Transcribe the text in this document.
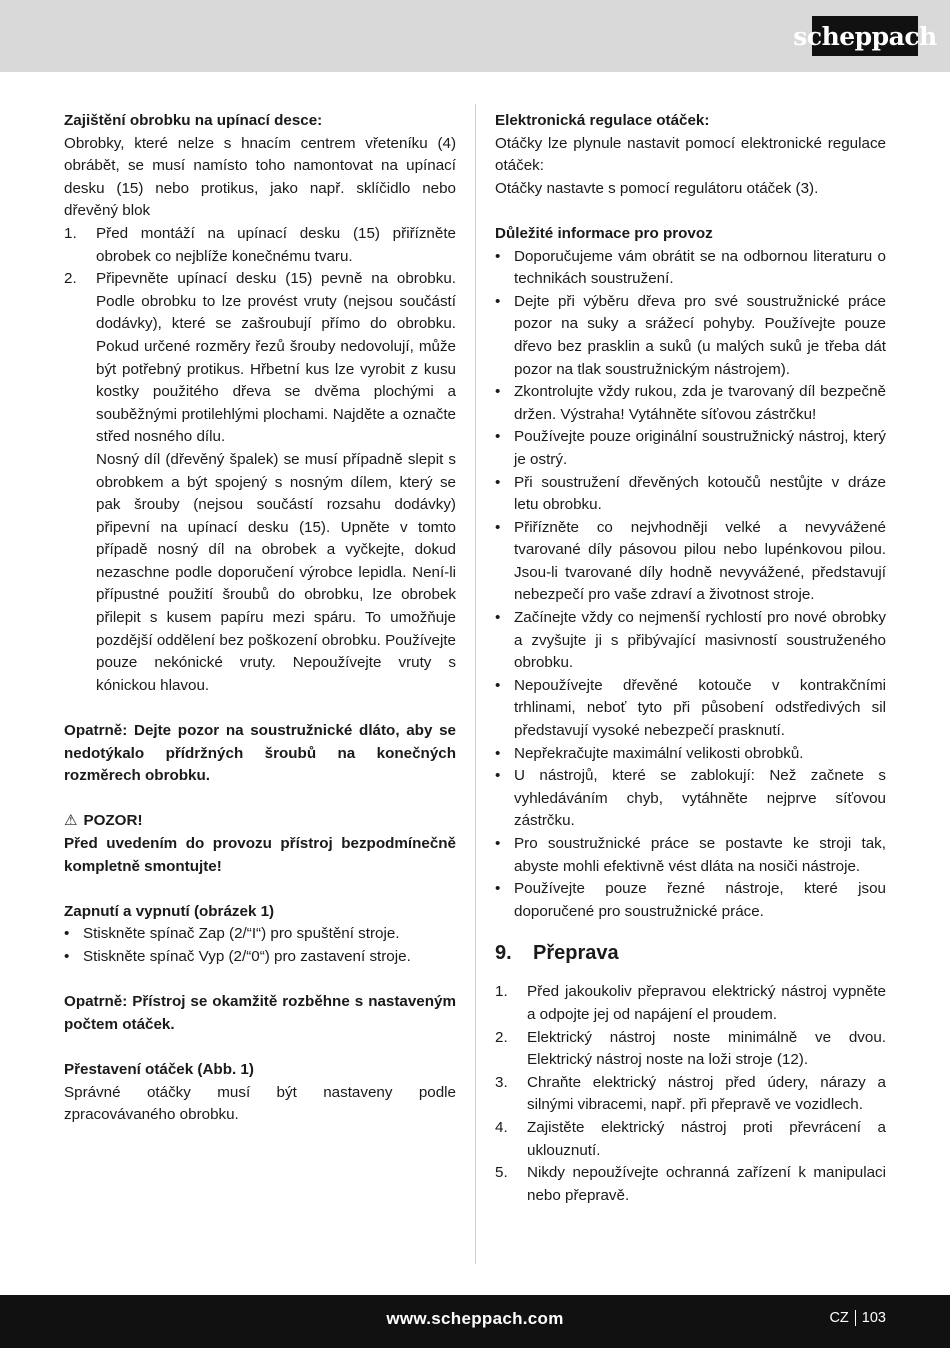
scheppach

Zajištění obrobku na upínací desce:

Obrobky, které nelze s hnacím centrem vřeteníku (4) obrábět, se musí namísto toho namontovat na upínací desku (15) nebo protikus, jako např. sklíčidlo nebo dřevěný blok

1.	Před montáží na upínací desku (15) přiřízněte obrobek co nejblíže konečnému tvaru.
2.	Připevněte upínací desku (15) pevně na obrobku. Podle obrobku to lze provést vruty (nejsou součástí dodávky), které se zašroubují přímo do obrobku. Pokud určené rozměry řezů šrouby nedovolují, může být potřebný protikus. Hřbetní kus lze vyrobit z kusu kostky použitého dřeva se dvěma plochými a souběžnými protilehlými plochami. Najděte a označte střed nosného dílu.

Nosný díl (dřevěný špalek) se musí případně slepit s obrobkem a být spojený s nosným dílem, který se pak šrouby (nejsou součástí rozsahu dodávky) připevní na upínací desku (15). Upněte v tomto případě nosný díl na obrobek a vyčkejte, dokud nezaschne podle doporučení výrobce lepidla. Není-li přípustné použití šroubů do obrobku, lze obrobek přilepit s kusem papíru mezi spáru. To umožňuje pozdější oddělení bez poškození obrobku. Používejte pouze nekónické vruty. Nepoužívejte vruty s kónickou hlavou.

Opatrně: Dejte pozor na soustružnické dláto, aby se nedotýkalo přídržných šroubů na konečných rozměrech obrobku.

⚠ POZOR!

Před uvedením do provozu přístroj bezpodmínečně kompletně smontujte!

Zapnutí a vypnutí (obrázek 1)

• Stiskněte spínač Zap (2/“I“) pro spuštění stroje.
• Stiskněte spínač Vyp (2/“0“) pro zastavení stroje.

Opatrně: Přístroj se okamžitě rozběhne s nastaveným počtem otáček.

Přestavení otáček (Abb. 1)

Správné otáčky musí být nastaveny podle zpracovávaného obrobku.

Elektronická regulace otáček:

Otáčky lze plynule nastavit pomocí elektronické regulace otáček:

Otáčky nastavte s pomocí regulátoru otáček (3).

Důležité informace pro provoz

• Doporučujeme vám obrátit se na odbornou literaturu o technikách soustružení.
• Dejte při výběru dřeva pro své soustružnické práce pozor na suky a srážecí pohyby. Používejte pouze dřevo bez prasklin a suků (u malých suků je třeba dát pozor na tlak soustružnickým nástrojem).
• Zkontrolujte vždy rukou, zda je tvarovaný díl bezpečně držen. Výstraha! Vytáhněte síťovou zástrčku!
• Používejte pouze originální soustružnický nástroj, který je ostrý.
• Při soustružení dřevěných kotoučů nestůjte v dráze letu obrobku.
• Přiřízněte co nejvhodněji velké a nevyvážené tvarované díly pásovou pilou nebo lupénkovou pilou. Jsou-li tvarované díly hodně nevyvážené, představují nebezpečí pro vaše zdraví a životnost stroje.
• Začínejte vždy co nejmenší rychlostí pro nové obrobky a zvyšujte ji s přibývající masivností soustruženého obrobku.
• Nepoužívejte dřevěné kotouče v kontrakčními trhlinami, neboť tyto při působení odstředivých sil představují vysoké nebezpečí prasknutí.
• Nepřekračujte maximální velikosti obrobků.
• U nástrojů, které se zablokují: Než začnete s vyhledáváním chyb, vytáhněte nejprve síťovou zástrčku.
• Pro soustružnické práce se postavte ke stroji tak, abyste mohli efektivně vést dláta na nosiči nástroje.
• Používejte pouze řezné nástroje, které jsou doporučené pro soustružnické práce.
9.	Přeprava
1.	Před jakoukoliv přepravou elektrický nástroj vypněte a odpojte jej od napájení el proudem.
2.	Elektrický nástroj noste minimálně ve dvou. Elektrický nástroj noste na loži stroje (12).
3.	Chraňte elektrický nástroj před údery, nárazy a silnými vibracemi, např. při přepravě ve vozidlech.
4.	Zajistěte elektrický nástroj proti převrácení a uklouznutí.
5.	Nikdy nepoužívejte ochranná zařízení k manipulaci nebo přepravě.
www.scheppach.com	CZ 103
